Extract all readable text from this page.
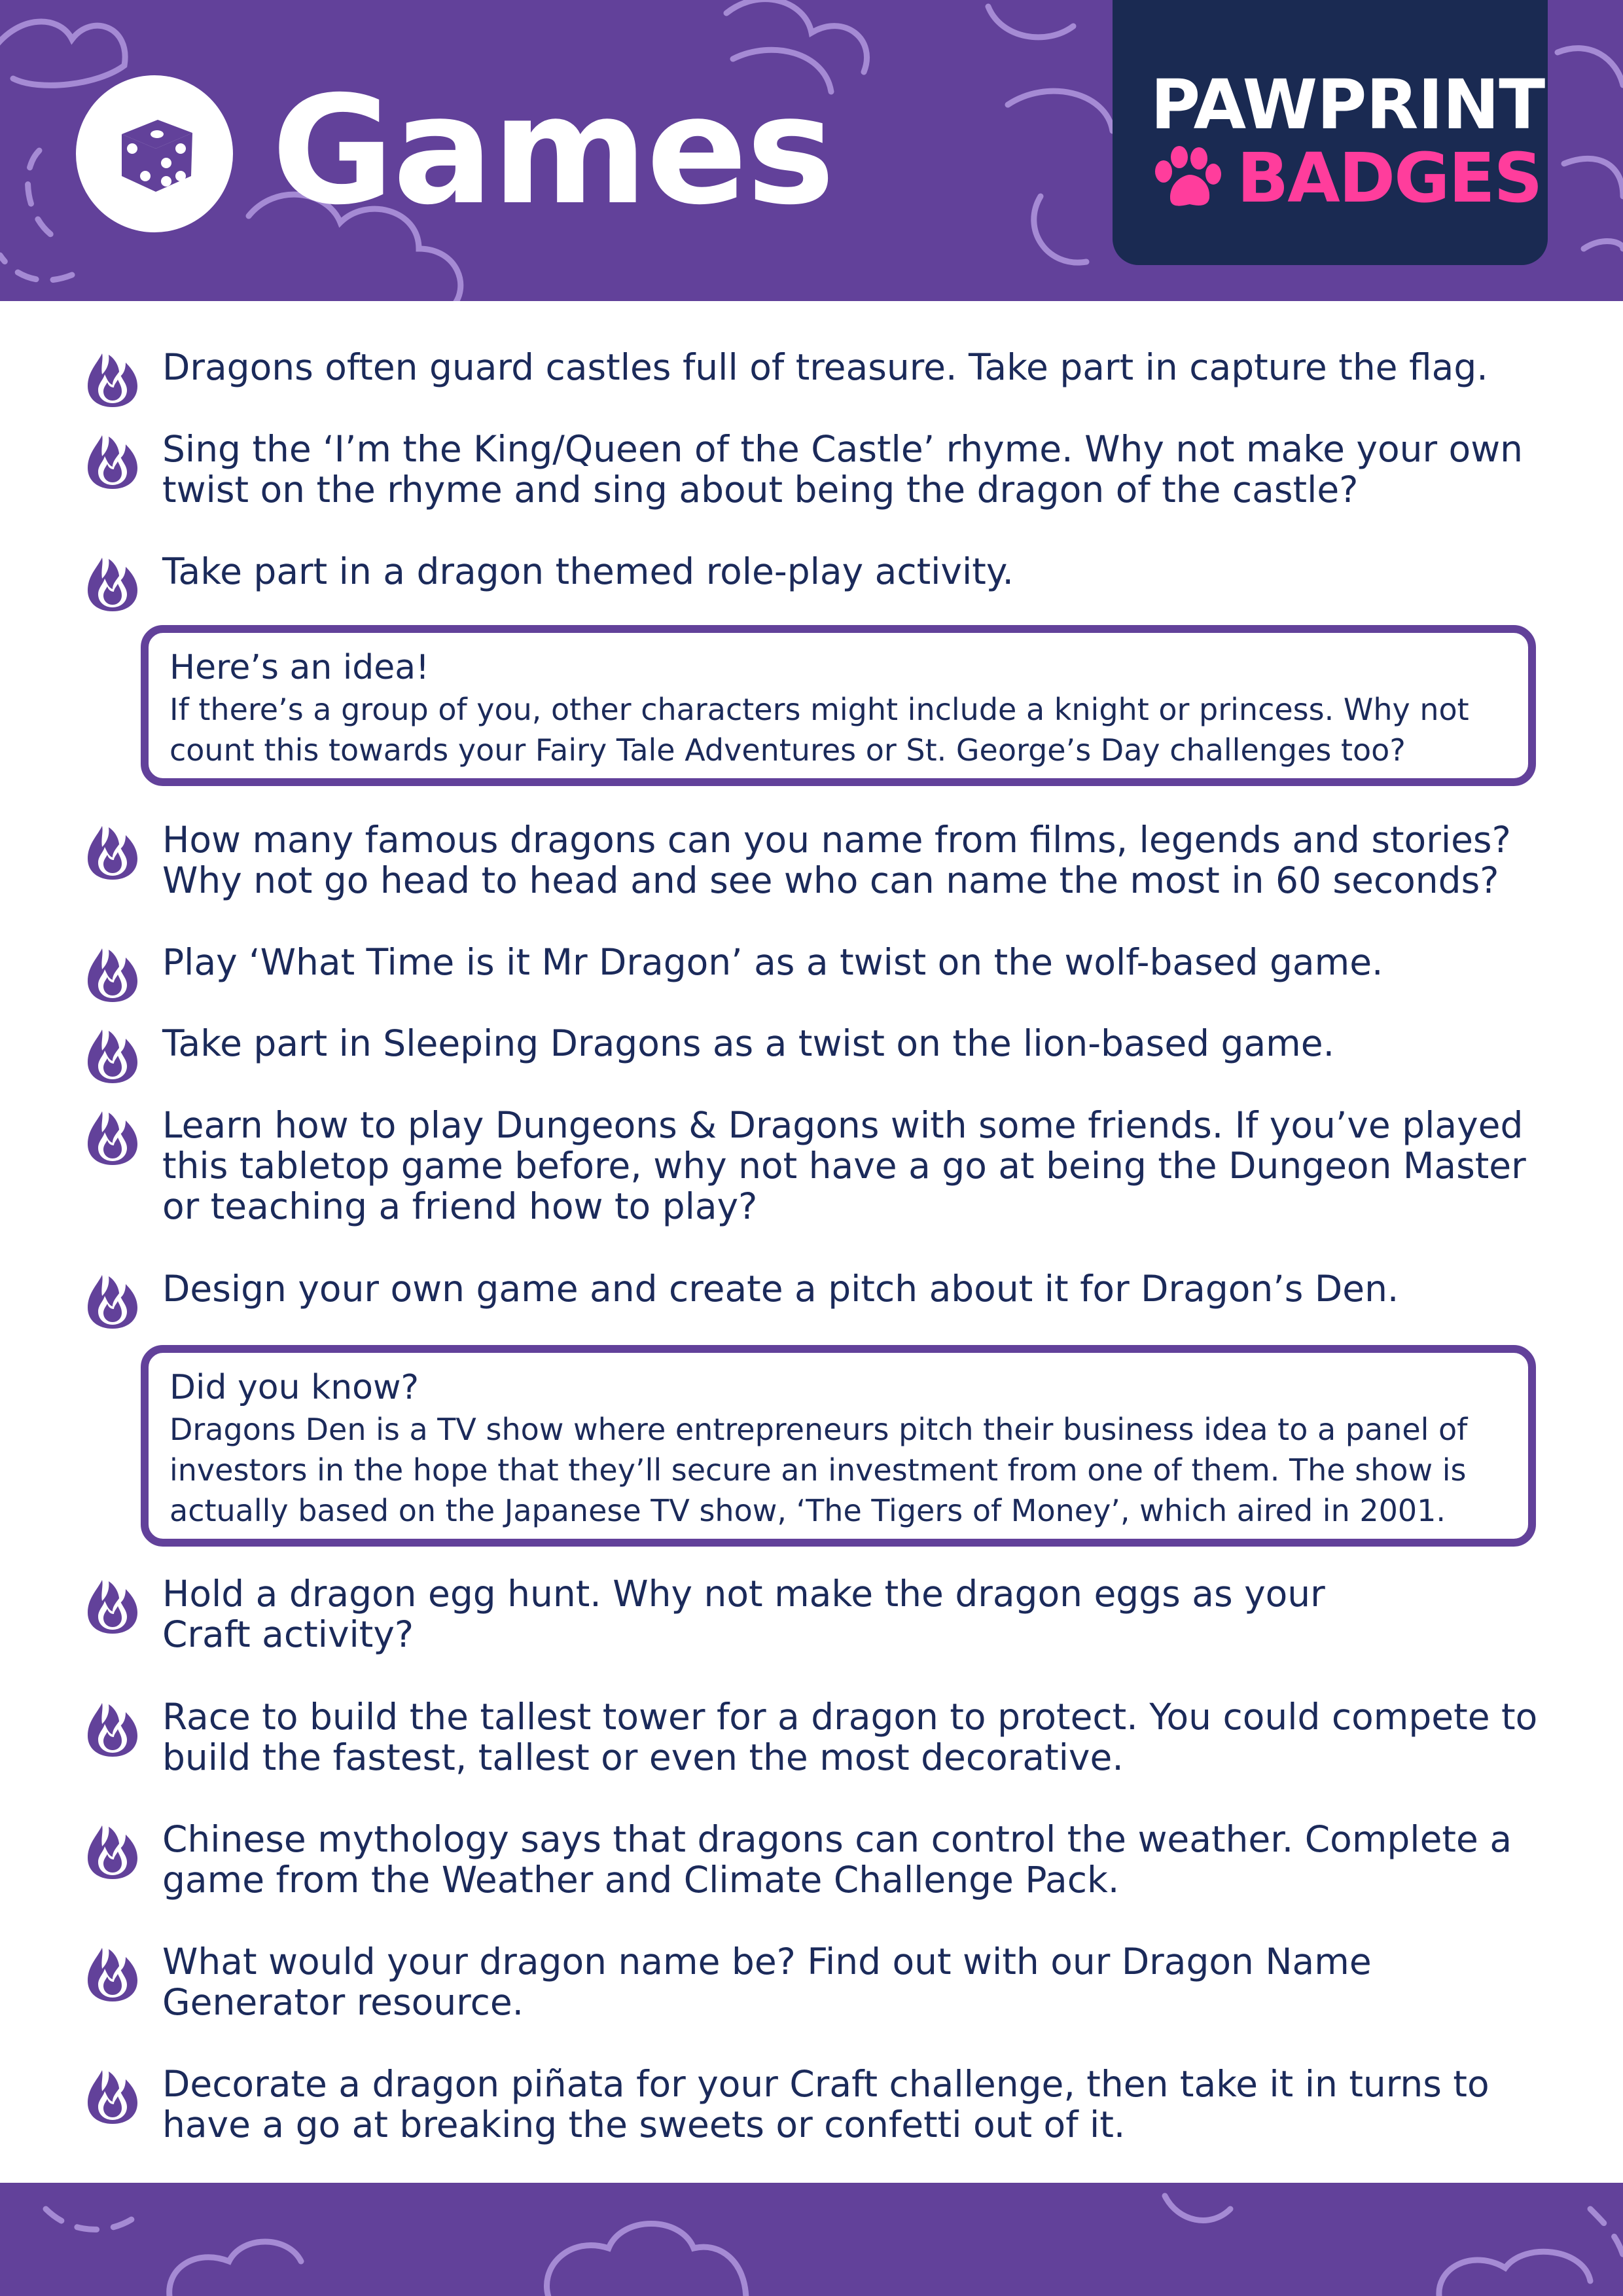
Games	PAWPRINT
BADGES
Dragons often guard castles full of treasure. Take part in capture the flag.
Sing the ‘I’m the King/Queen of the Castle’ rhyme. Why not make your own
twist on the rhyme and sing about being the dragon of the castle?
Take part in a dragon themed role-play activity.
Here’s an idea!
If there’s a group of you, other characters might include a knight or princess. Why not
count this towards your Fairy Tale Adventures or St. George’s Day challenges too?
How many famous dragons can you name from films, legends and stories?
Why not go head to head and see who can name the most in 60 seconds?
Play ‘What Time is it Mr Dragon’ as a twist on the wolf-based game.
Take part in Sleeping Dragons as a twist on the lion-based game.
Learn how to play Dungeons & Dragons with some friends. If you’ve played
this tabletop game before, why not have a go at being the Dungeon Master
or teaching a friend how to play?
Design your own game and create a pitch about it for Dragon’s Den.
Did you know?
Dragons Den is a TV show where entrepreneurs pitch their business idea to a panel of
investors in the hope that they’ll secure an investment from one of them. The show is
actually based on the Japanese TV show, ‘The Tigers of Money’, which aired in 2001.
Hold a dragon egg hunt. Why not make the dragon eggs as your
Craft activity?
Race to build the tallest tower for a dragon to protect. You could compete to
build the fastest, tallest or even the most decorative.
Chinese mythology says that dragons can control the weather. Complete a
game from the Weather and Climate Challenge Pack.
What would your dragon name be? Find out with our Dragon Name
Generator resource.
Decorate a dragon piñata for your Craft challenge, then take it in turns to
have a go at breaking the sweets or confetti out of it.
